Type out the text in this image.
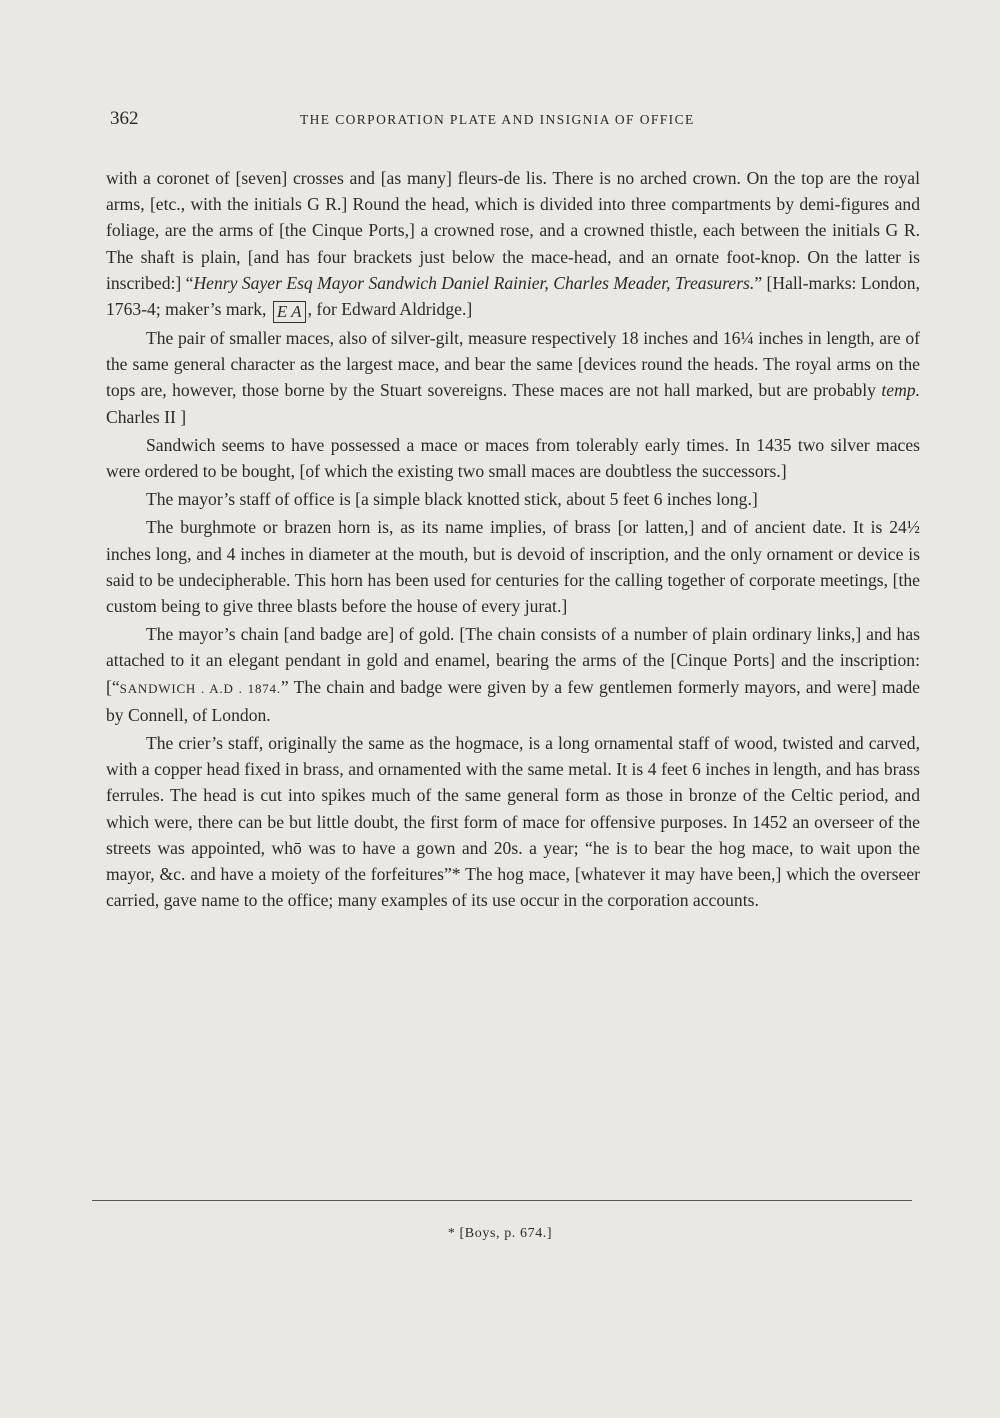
362	THE CORPORATION PLATE AND INSIGNIA OF OFFICE

with a coronet of [seven] crosses and [as many] fleurs-de lis. There is no arched crown. On the top are the royal arms, [etc., with the initials G R.] Round the head, which is divided into three compartments by demi-figures and foliage, are the arms of [the Cinque Ports,] a crowned rose, and a crowned thistle, each between the initials G R. The shaft is plain, [and has four brackets just below the mace-head, and an ornate foot-knop. On the latter is inscribed:] “Henry Sayer Esq Mayor Sandwich Daniel Rainier, Charles Meader, Treasurers.” [Hall-marks: London, 1763-4; maker’s mark, E A , for Edward Aldridge.]

The pair of smaller maces, also of silver-gilt, measure respectively 18 inches and 16¼ inches in length, are of the same general character as the largest mace, and bear the same [devices round the heads. The royal arms on the tops are, however, those borne by the Stuart sovereigns. These maces are not hall marked, but are probably temp. Charles II ]

Sandwich seems to have possessed a mace or maces from tolerably early times. In 1435 two silver maces were ordered to be bought, [of which the existing two small maces are doubtless the successors.]

The mayor’s staff of office is [a simple black knotted stick, about 5 feet 6 inches long.]

The burghmote or brazen horn is, as its name implies, of brass [or latten,] and of ancient date. It is 24½ inches long, and 4 inches in diameter at the mouth, but is devoid of inscription, and the only ornament or device is said to be undecipherable. This horn has been used for centuries for the calling together of corporate meetings, [the custom being to give three blasts before the house of every jurat.]

The mayor’s chain [and badge are] of gold. [The chain consists of a number of plain ordinary links,] and has attached to it an elegant pendant in gold and enamel, bearing the arms of the [Cinque Ports] and the inscription: [“SANDWICH . A.D . 1874.” The chain and badge were given by a few gentlemen formerly mayors, and were] made by Connell, of London.

The crier’s staff, originally the same as the hogmace, is a long ornamental staff of wood, twisted and carved, with a copper head fixed in brass, and ornamented with the same metal. It is 4 feet 6 inches in length, and has brass ferrules. The head is cut into spikes much of the same general form as those in bronze of the Celtic period, and which were, there can be but little doubt, the first form of mace for offensive purposes. In 1452 an overseer of the streets was appointed, whō was to have a gown and 20s. a year; “he is to bear the hog mace, to wait upon the mayor, &c. and have a moiety of the forfeitures”* The hog mace, [whatever it may have been,] which the overseer carried, gave name to the office; many examples of its use occur in the corporation accounts.

* [Boys, p. 674.]
